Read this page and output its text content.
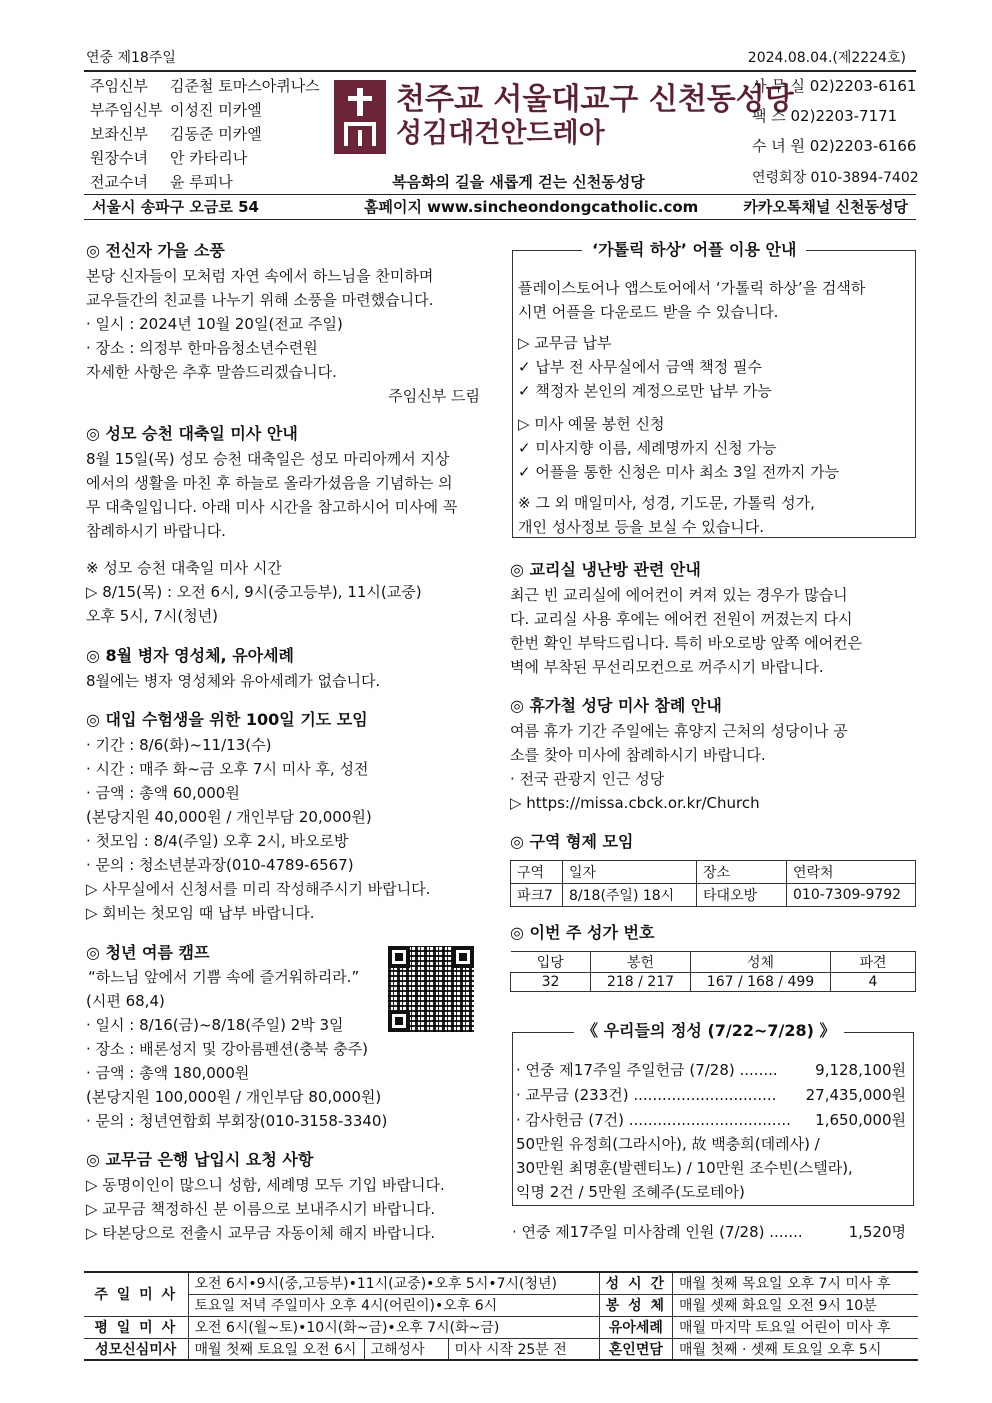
연중 제18주일	2024.08.04.(제2224호)
주임신부 김준철 토마스아퀴나스
부주임신부 이성진 미카엘
보좌신부 김동준 미카엘
원장수녀 안 카타리나
전교수녀 윤 루피나
천주교 서울대교구 신천동성당
성김대건안드레아
복음화의 길을 새롭게 걷는 신천동성당
사 무 실 02)2203-6161
팩 스 02)2203-7171
수 녀 원 02)2203-6166
연령회장 010-3894-7402
서울시 송파구 오금로 54	홈페이지 www.sincheondongcatholic.com	카카오톡채널 신천동성당
◎ 전신자 가을 소풍
본당 신자들이 모처럼 자연 속에서 하느님을 찬미하며
교우들간의 친교를 나누기 위해 소풍을 마련했습니다.
· 일시 : 2024년 10월 20일(전교 주일)
· 장소 : 의정부 한마음청소년수련원
자세한 사항은 추후 말씀드리겠습니다.
주임신부 드림
◎ 성모 승천 대축일 미사 안내
8월 15일(목) 성모 승천 대축일은 성모 마리아께서 지상
에서의 생활을 마친 후 하늘로 올라가셨음을 기념하는 의
무 대축일입니다. 아래 미사 시간을 참고하시어 미사에 꼭
참례하시기 바랍니다.
※ 성모 승천 대축일 미사 시간
▷ 8/15(목) : 오전 6시, 9시(중고등부), 11시(교중)
오후 5시, 7시(청년)
◎ 8월 병자 영성체, 유아세례
8월에는 병자 영성체와 유아세례가 없습니다.
◎ 대입 수험생을 위한 100일 기도 모임
· 기간 : 8/6(화)~11/13(수)
· 시간 : 매주 화~금 오후 7시 미사 후, 성전
· 금액 : 총액 60,000원
(본당지원 40,000원 / 개인부담 20,000원)
· 첫모임 : 8/4(주일) 오후 2시, 바오로방
· 문의 : 청소년분과장(010-4789-6567)
▷ 사무실에서 신청서를 미리 작성해주시기 바랍니다.
▷ 회비는 첫모임 때 납부 바랍니다.
◎ 청년 여름 캠프
“하느님 앞에서 기쁨 속에 즐거워하리라.”
(시편 68,4)
· 일시 : 8/16(금)~8/18(주일) 2박 3일
· 장소 : 배론성지 및 강아름펜션(충북 충주)
· 금액 : 총액 180,000원
(본당지원 100,000원 / 개인부담 80,000원)
· 문의 : 청년연합회 부회장(010-3158-3340)
◎ 교무금 은행 납입시 요청 사항
▷ 동명이인이 많으니 성함, 세례명 모두 기입 바랍니다.
▷ 교무금 책정하신 분 이름으로 보내주시기 바랍니다.
▷ 타본당으로 전출시 교무금 자동이체 해지 바랍니다.
‘가톨릭 하상’ 어플 이용 안내
플레이스토어나 앱스토어에서 ‘가톨릭 하상’을 검색하
시면 어플을 다운로드 받을 수 있습니다.
▷ 교무금 납부
✓ 납부 전 사무실에서 금액 책정 필수
✓ 책정자 본인의 계정으로만 납부 가능
▷ 미사 예물 봉헌 신청
✓ 미사지향 이름, 세례명까지 신청 가능
✓ 어플을 통한 신청은 미사 최소 3일 전까지 가능
※ 그 외 매일미사, 성경, 기도문, 가톨릭 성가,
개인 성사정보 등을 보실 수 있습니다.
◎ 교리실 냉난방 관련 안내
최근 빈 교리실에 에어컨이 켜져 있는 경우가 많습니
다. 교리실 사용 후에는 에어컨 전원이 꺼졌는지 다시
한번 확인 부탁드립니다. 특히 바오로방 앞쪽 에어컨은
벽에 부착된 무선리모컨으로 꺼주시기 바랍니다.
◎ 휴가철 성당 미사 참례 안내
여름 휴가 기간 주일에는 휴양지 근처의 성당이나 공
소를 찾아 미사에 참례하시기 바랍니다.
· 전국 관광지 인근 성당
▷ https://missa.cbck.or.kr/Church
◎ 구역 형제 모임
구역	일자	장소	연락처
파크7	8/18(주일) 18시	타대오방	010-7309-9792
◎ 이번 주 성가 번호
입당	봉헌	성체	파견
32	218 / 217	167 / 168 / 499	4
《 우리들의 정성 (7/22~7/28) 》
· 연중 제17주일 주일헌금 (7/28) ........	9,128,100원
· 교무금 (233건) ..............................	27,435,000원
· 감사헌금 (7건) ..................................	1,650,000원
50만원 유정희(그라시아), 故 백충희(데레사) /
30만원 최명훈(발렌티노) / 10만원 조수빈(스텔라),
익명 2건 / 5만원 조혜주(도로테아)
· 연중 제17주일 미사참례 인원 (7/28) .......	1,520명
주 일 미 사	오전 6시•9시(중,고등부)•11시(교중)•오후 5시•7시(청년)			성 시 간	매월 첫째 목요일 오후 7시 미사 후
	토요일 저녁 주일미사 오후 4시(어린이)•오후 6시			봉 성 체	매월 셋째 화요일 오전 9시 10분
평 일 미 사	오전 6시(월~토)•10시(화~금)•오후 7시(화~금)			유아세례	매월 마지막 토요일 어린이 미사 후
성모신심미사	매월 첫째 토요일 오전 6시	고해성사	미사 시작 25분 전	혼인면담	매월 첫째 · 셋째 토요일 오후 5시
